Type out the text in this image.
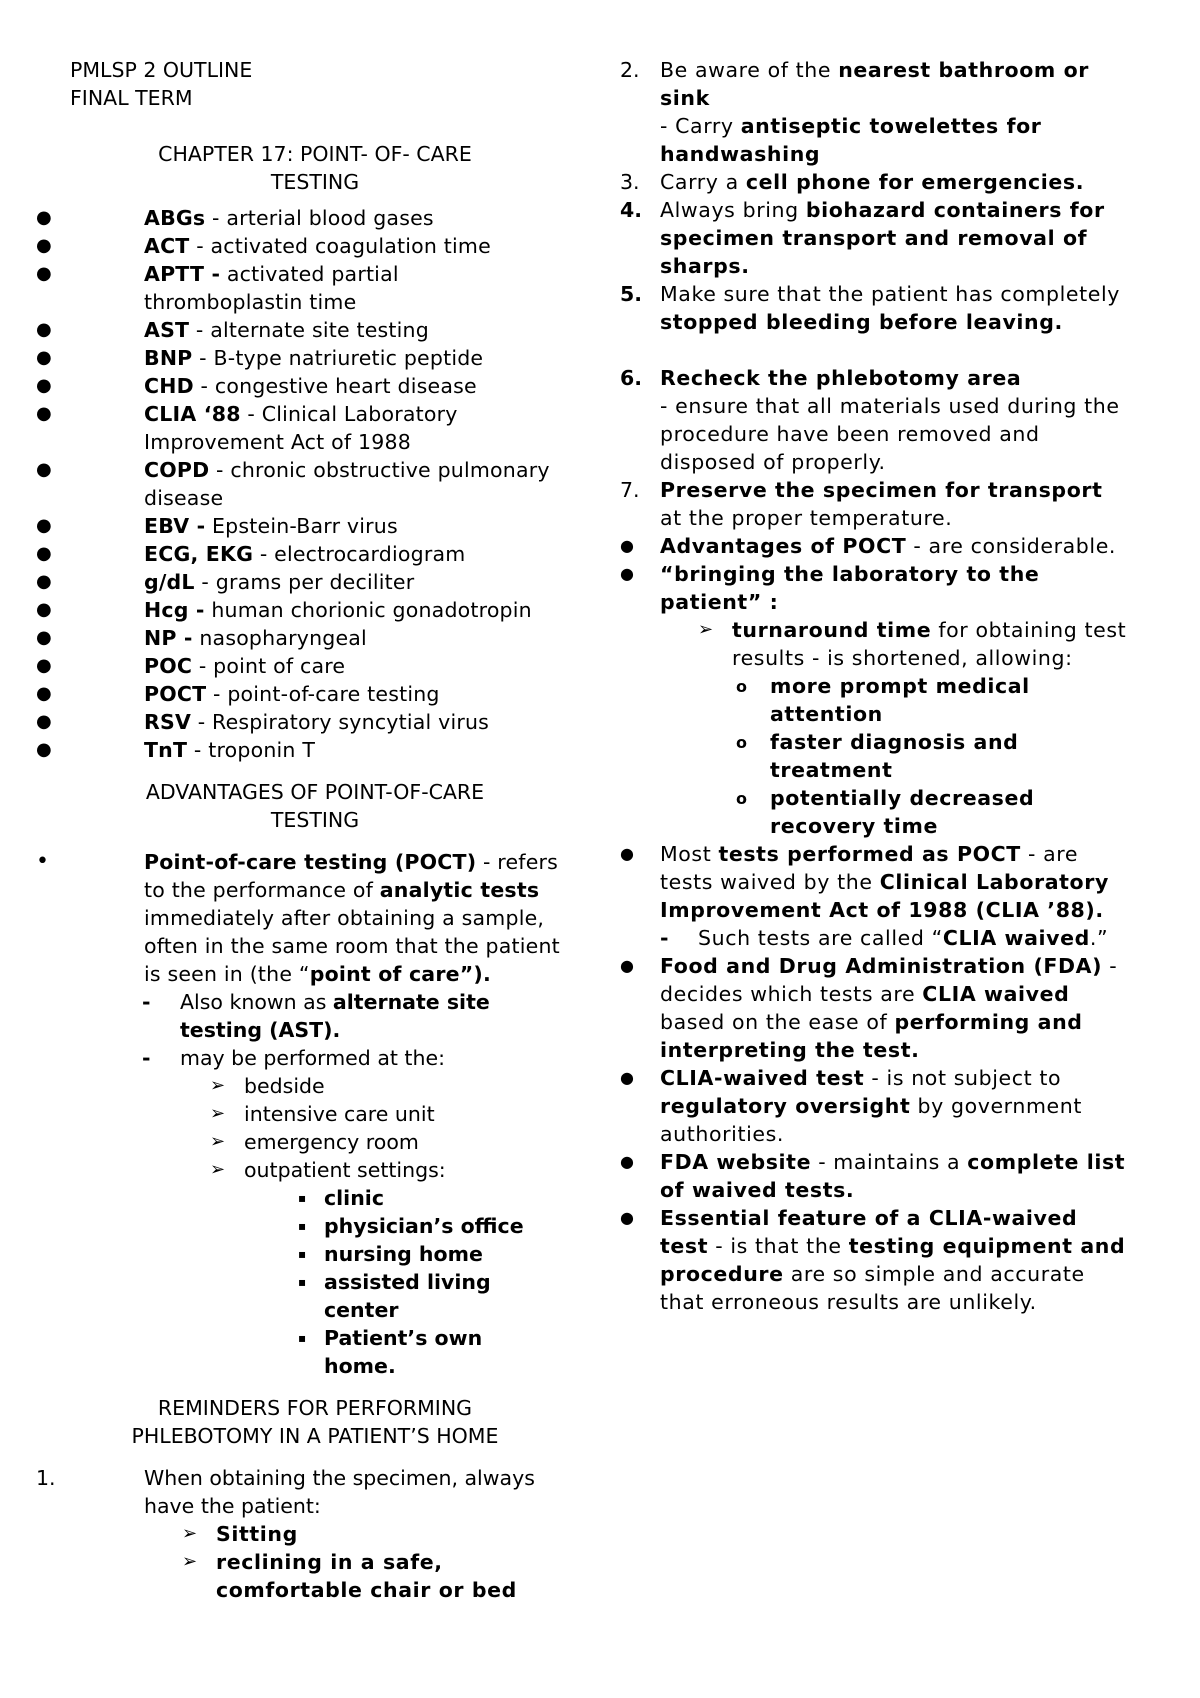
PMLSP 2 OUTLINE
FINAL TERM
CHAPTER 17: POINT- OF- CARE
TESTING
●	ABGs - arterial blood gases
●	ACT - activated coagulation time
●	APTT - activated partial thromboplastin time
●	AST - alternate site testing
●	BNP - B-type natriuretic peptide
●	CHD - congestive heart disease
●	CLIA ‘88 - Clinical Laboratory Improvement Act of 1988
●	COPD - chronic obstructive pulmonary disease
●	EBV - Epstein-Barr virus
●	ECG, EKG - electrocardiogram
●	g/dL - grams per deciliter
●	Hcg - human chorionic gonadotropin
●	NP - nasopharyngeal
●	POC - point of care
●	POCT - point-of-care testing
●	RSV - Respiratory syncytial virus
●	TnT - troponin T
ADVANTAGES OF POINT-OF-CARE
TESTING
•	Point-of-care testing (POCT) - refers to the performance of analytic tests immediately after obtaining a sample, often in the same room that the patient is seen in (the “point of care”).
- Also known as alternate site testing (AST).
- may be performed at the:
➢ bedside
➢ intensive care unit
➢ emergency room
➢ outpatient settings:
▪ clinic
▪ physician’s office
▪ nursing home
▪ assisted living center
▪ Patient’s own home.
REMINDERS FOR PERFORMING
PHLEBOTOMY IN A PATIENT’S HOME
1.	When obtaining the specimen, always have the patient:
➢ Sitting
➢ reclining in a safe, comfortable chair or bed
2. Be aware of the nearest bathroom or sink
- Carry antiseptic towelettes for handwashing
3. Carry a cell phone for emergencies.
4. Always bring biohazard containers for specimen transport and removal of sharps.
5. Make sure that the patient has completely stopped bleeding before leaving.
6. Recheck the phlebotomy area
- ensure that all materials used during the procedure have been removed and disposed of properly.
7. Preserve the specimen for transport at the proper temperature.
●	Advantages of POCT - are considerable.
●	“bringing the laboratory to the patient” :
➢ turnaround time for obtaining test results - is shortened, allowing:
o more prompt medical attention
o faster diagnosis and treatment
o potentially decreased recovery time
●	Most tests performed as POCT - are tests waived by the Clinical Laboratory Improvement Act of 1988 (CLIA ’88).
- Such tests are called “CLIA waived.”
●	Food and Drug Administration (FDA) - decides which tests are CLIA waived based on the ease of performing and interpreting the test.
●	CLIA-waived test - is not subject to regulatory oversight by government authorities.
●	FDA website - maintains a complete list of waived tests.
●	Essential feature of a CLIA-waived test - is that the testing equipment and procedure are so simple and accurate that erroneous results are unlikely.
